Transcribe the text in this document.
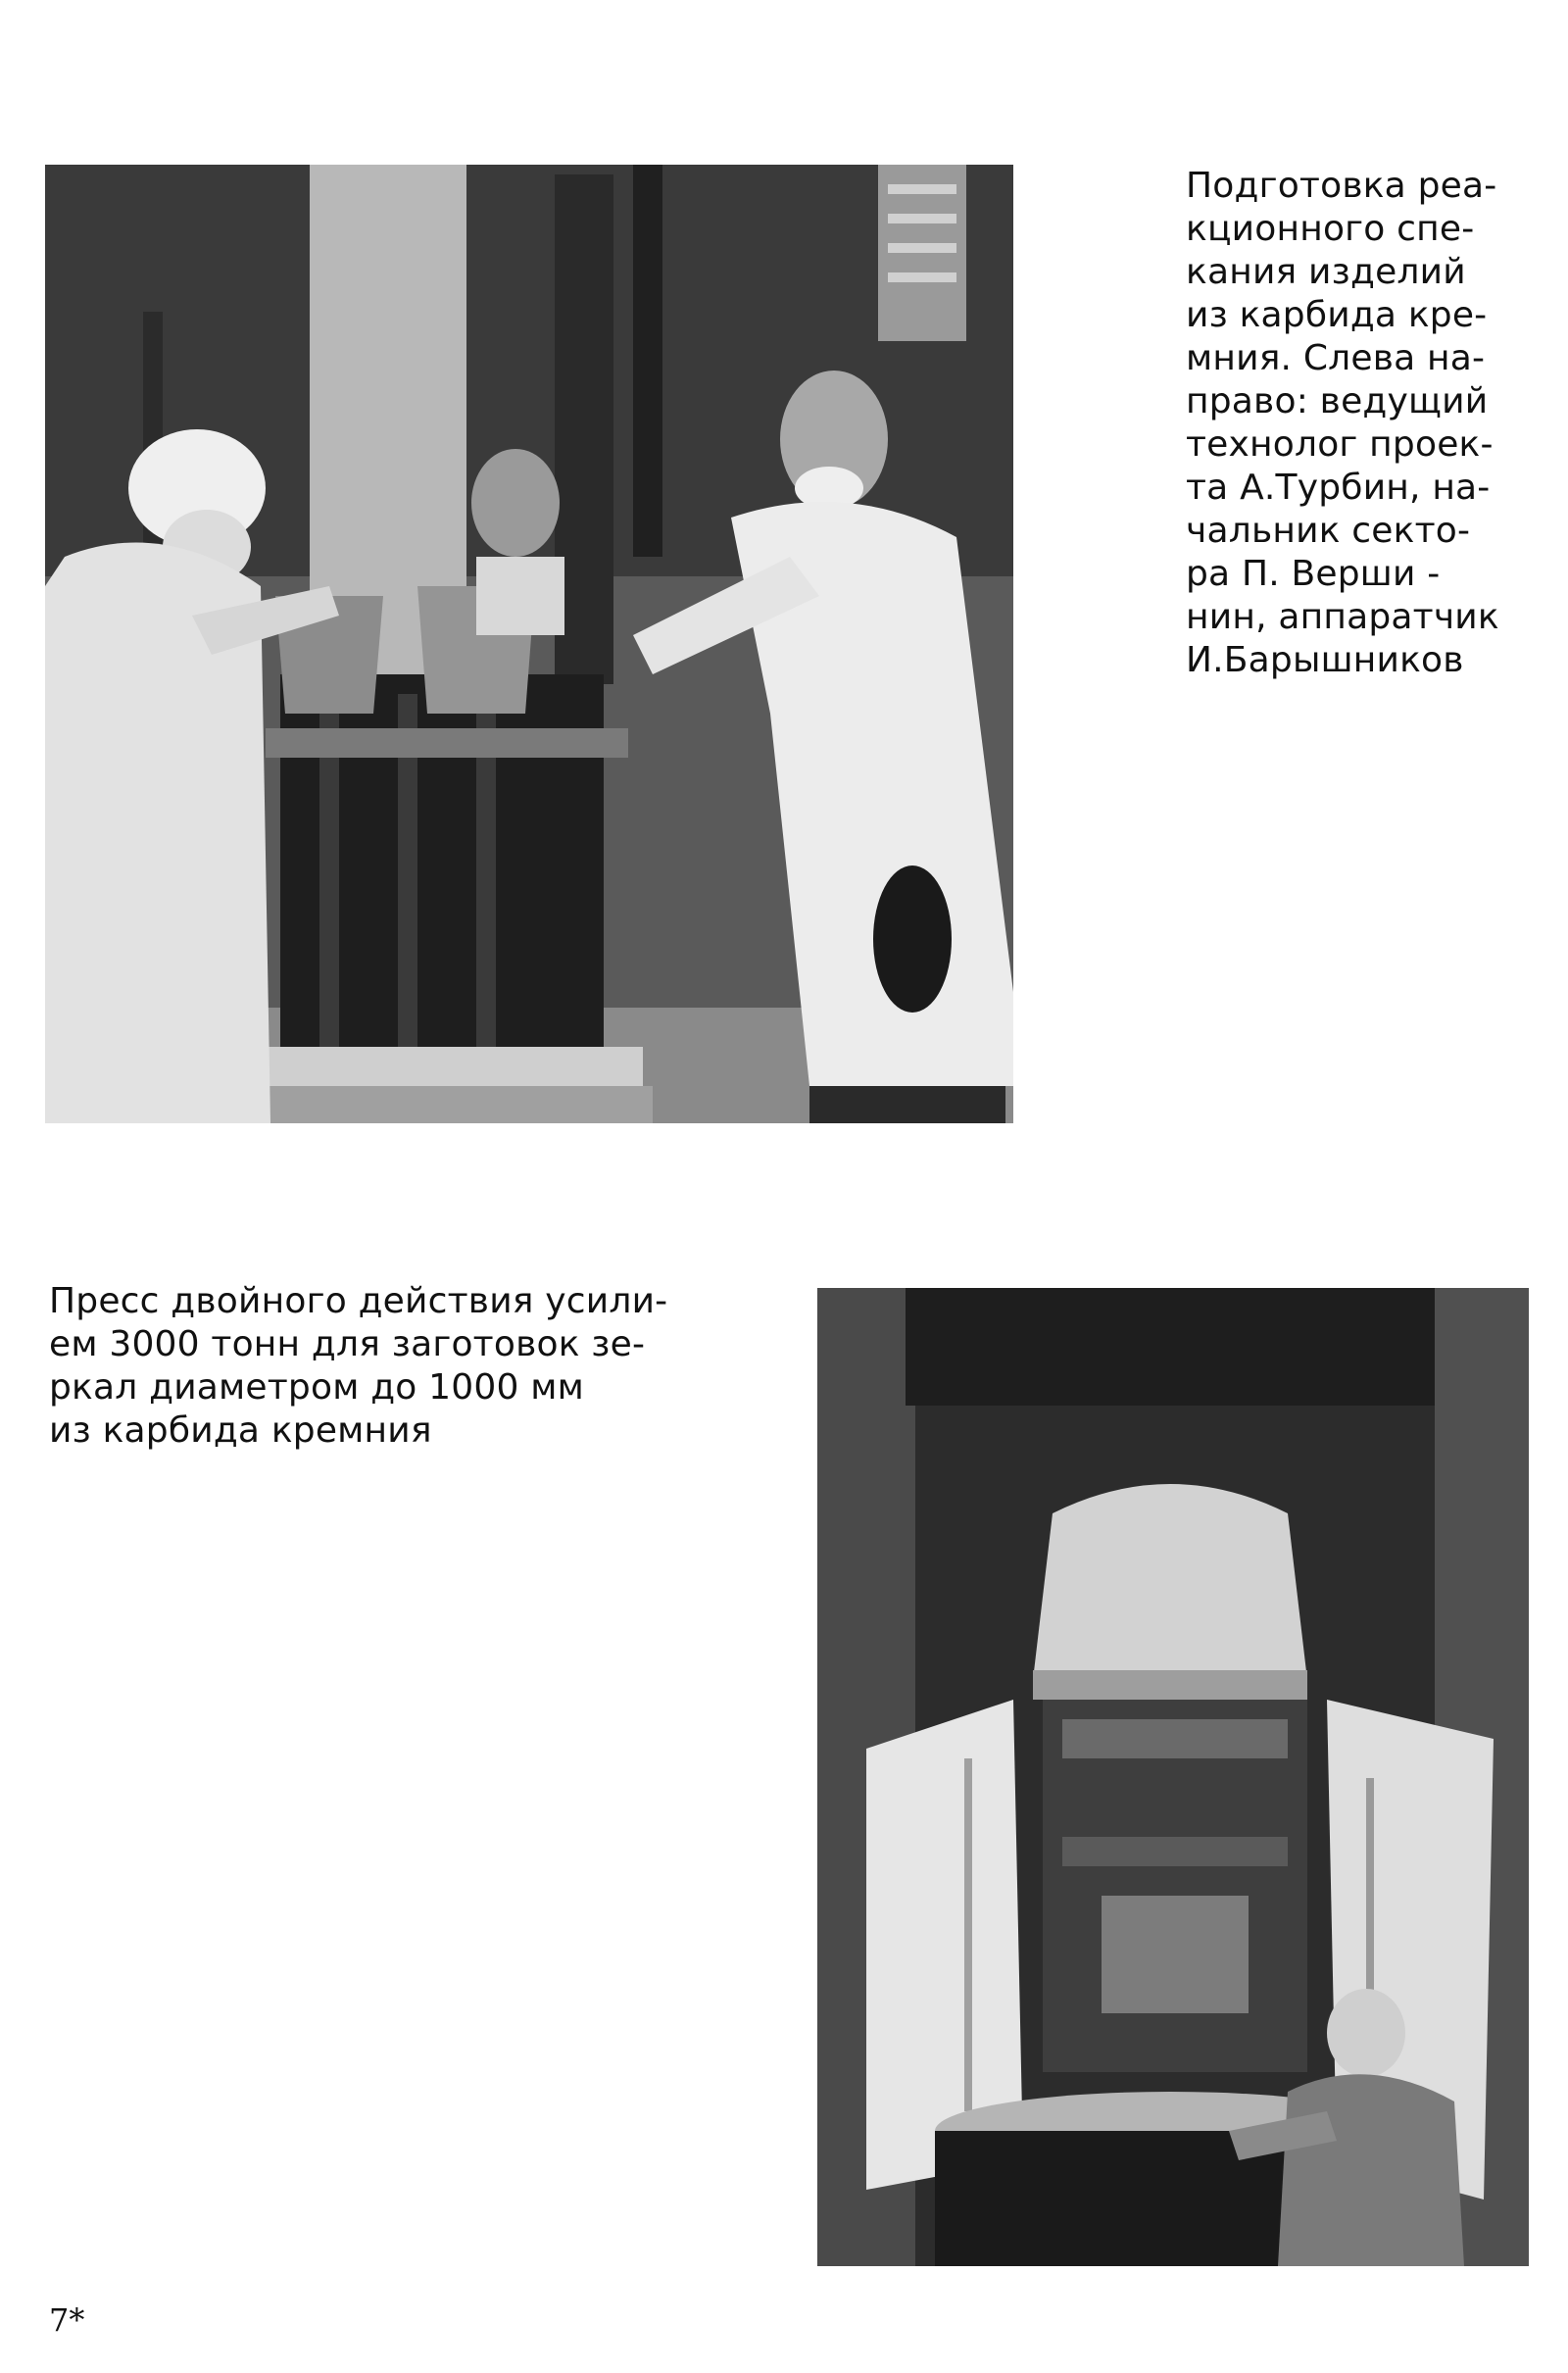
Подготовка реа-
кционного спе-
кания изделий
из карбида кре-
мния. Слева на-
право: ведущий
технолог проек-
та А.Турбин, на-
чальник секто-
ра П. Верши -
нин, аппаратчик
И.Барышников

Пресс двойного действия усили-
ем 3000 тонн для заготовок зе-
ркал диаметром до 1000 мм
из карбида кремния

7*
